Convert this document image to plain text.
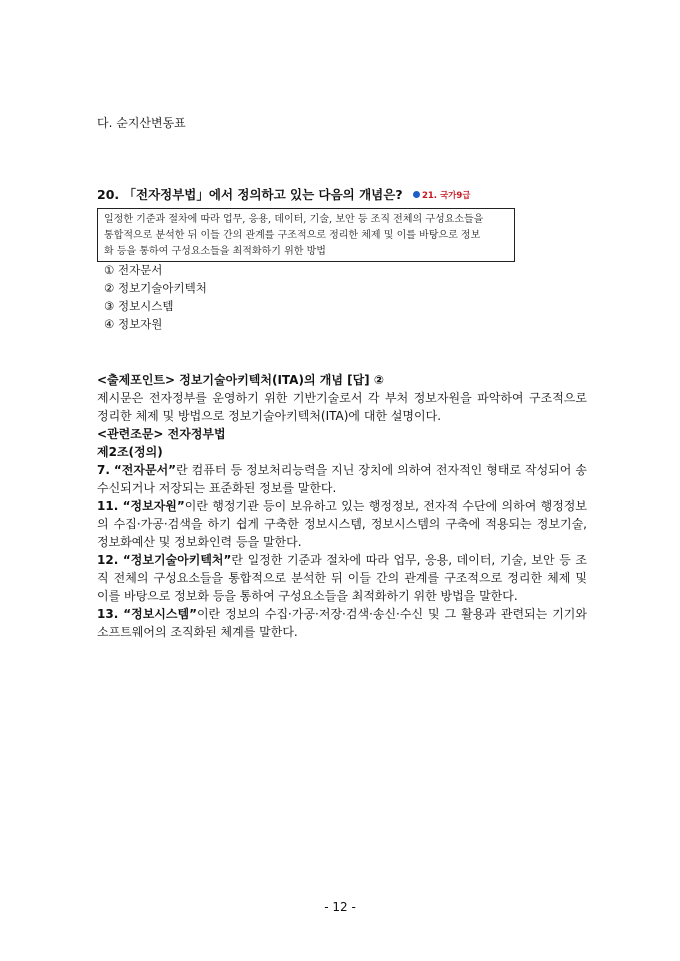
다. 순지산변동표
20. 「전자정부법」에서 정의하고 있는 다음의 개념은? 21. 국가9급
일정한 기준과 절차에 따라 업무, 응용, 데이터, 기술, 보안 등 조직 전체의 구성요소들을
통합적으로 분석한 뒤 이들 간의 관계를 구조적으로 정리한 체제 및 이를 바탕으로 정보
화 등을 통하여 구성요소들을 최적화하기 위한 방법
① 전자문서
② 정보기술아키텍처
③ 정보시스템
④ 정보자원
<출제포인트> 정보기술아키텍처(ITA)의 개념 [답] ②
제시문은 전자정부를 운영하기 위한 기반기술로서 각 부처 정보자원을 파악하여 구조적으로 정리한 체제 및 방법으로 정보기술아키텍처(ITA)에 대한 설명이다.
<관련조문> 전자정부법
제2조(정의)
7. “전자문서”란 컴퓨터 등 정보처리능력을 지닌 장치에 의하여 전자적인 형태로 작성되어 송수신되거나 저장되는 표준화된 정보를 말한다.
11. “정보자원”이란 행정기관 등이 보유하고 있는 행정정보, 전자적 수단에 의하여 행정정보의 수집·가공·검색을 하기 쉽게 구축한 정보시스템, 정보시스템의 구축에 적용되는 정보기술, 정보화예산 및 정보화인력 등을 말한다.
12. “정보기술아키텍처”란 일정한 기준과 절차에 따라 업무, 응용, 데이터, 기술, 보안 등 조직 전체의 구성요소들을 통합적으로 분석한 뒤 이들 간의 관계를 구조적으로 정리한 체제 및 이를 바탕으로 정보화 등을 통하여 구성요소들을 최적화하기 위한 방법을 말한다.
13. “정보시스템”이란 정보의 수집·가공·저장·검색·송신·수신 및 그 활용과 관련되는 기기와 소프트웨어의 조직화된 체계를 말한다.
- 12 -
